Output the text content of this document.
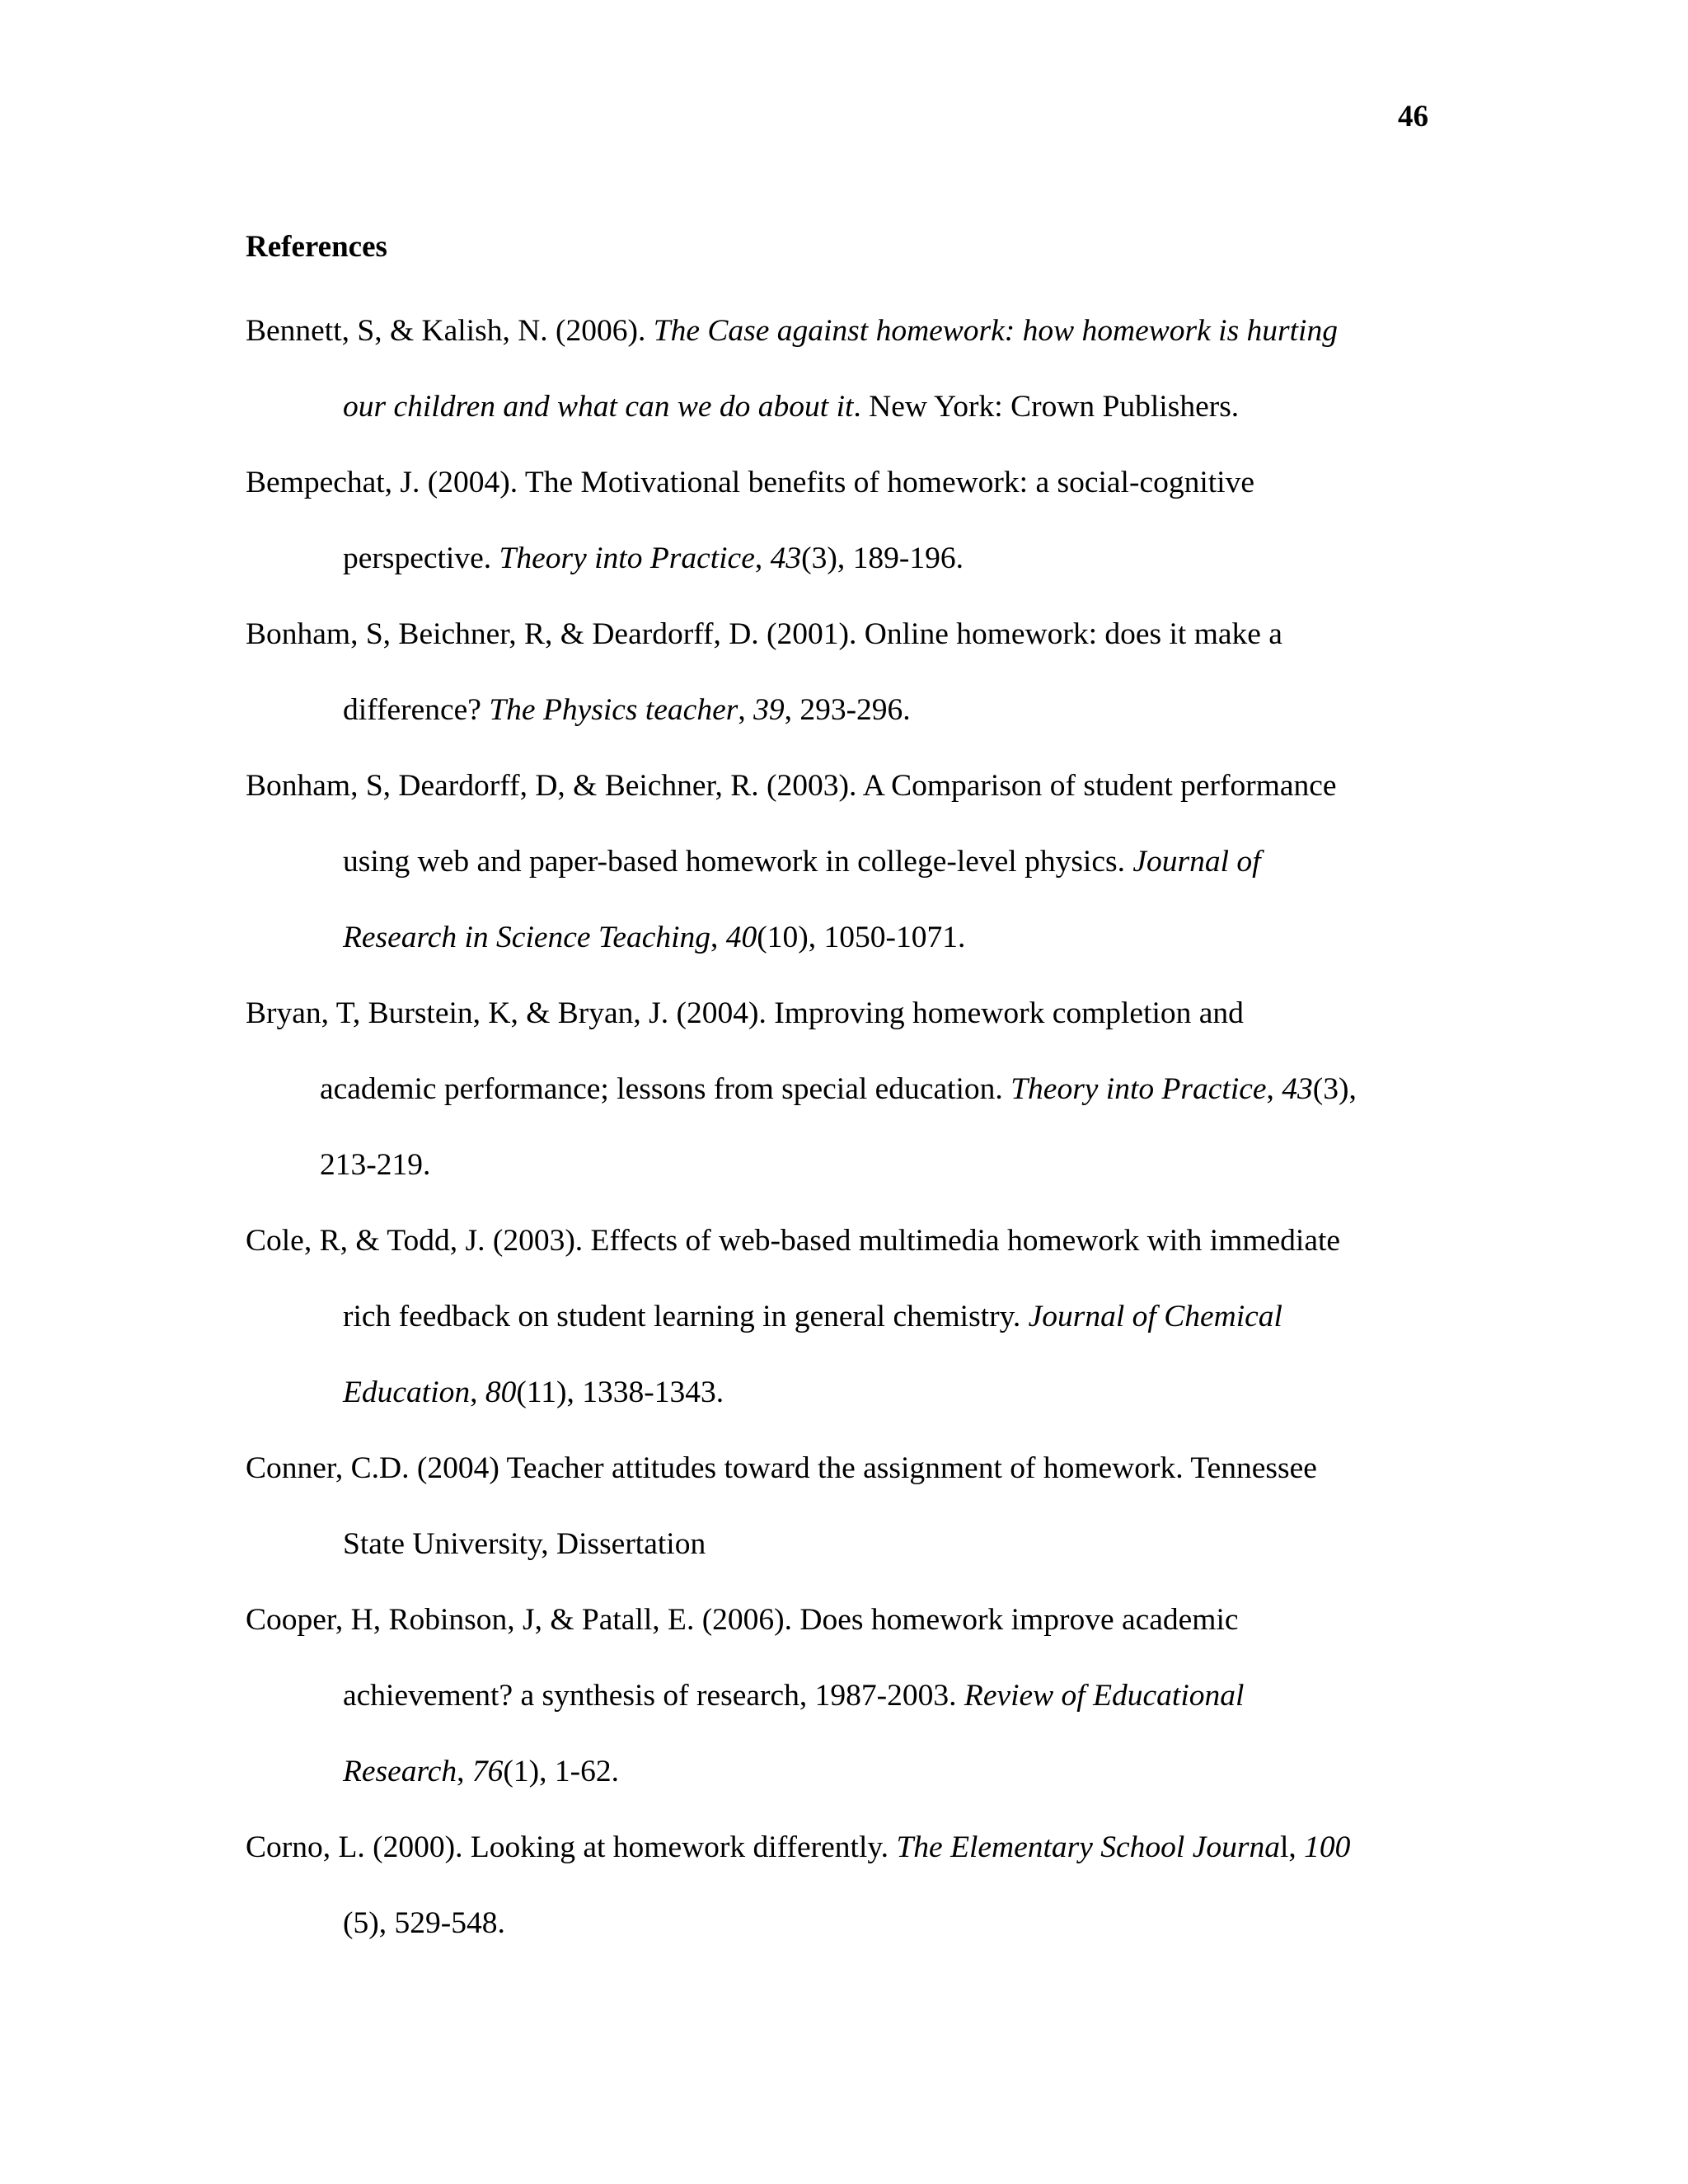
46
References
Bennett, S, & Kalish, N. (2006). The Case against homework: how homework is hurting
our children and what can we do about it. New York: Crown Publishers.
Bempechat, J. (2004). The Motivational benefits of homework: a social-cognitive
perspective. Theory into Practice, 43(3), 189-196.
Bonham, S, Beichner, R, & Deardorff, D. (2001). Online homework: does it make a
difference? The Physics teacher, 39, 293-296.
Bonham, S, Deardorff, D, & Beichner, R. (2003). A Comparison of student performance
using web and paper-based homework in college-level physics. Journal of
Research in Science Teaching, 40(10), 1050-1071.
Bryan, T, Burstein, K, & Bryan, J. (2004). Improving homework completion and
academic performance; lessons from special education. Theory into Practice, 43(3),
213-219.
Cole, R, & Todd, J. (2003). Effects of web-based multimedia homework with immediate
rich feedback on student learning in general chemistry. Journal of Chemical
Education, 80(11), 1338-1343.
Conner, C.D. (2004) Teacher attitudes toward the assignment of homework. Tennessee
State University, Dissertation
Cooper, H, Robinson, J, & Patall, E. (2006). Does homework improve academic
achievement? a synthesis of research, 1987-2003. Review of Educational
Research, 76(1), 1-62.
Corno, L. (2000). Looking at homework differently. The Elementary School Journal, 100
(5), 529-548.
